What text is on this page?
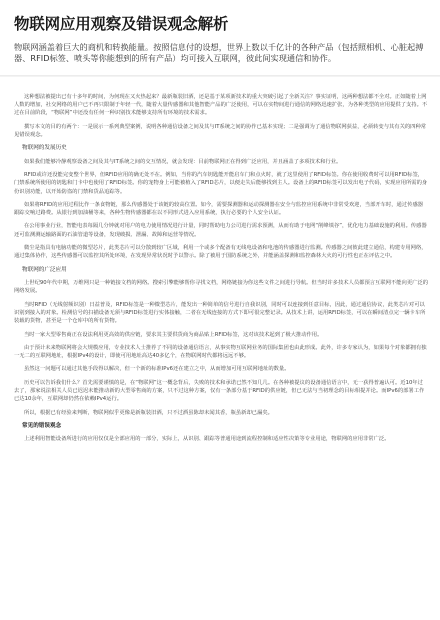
物联网应用观察及错误观念解析

物联网涵盖着巨大的商机和转换能量。按照信息付的设想，世界上数以千亿计的各种产品（包括照相机、心脏起搏器、RFID标签、喷头等你能想到的所有产品）均可接入互联网，彼此间实现通信和协作。

这种想法被提出已有十多年的时间，为何现在又火热起来？最新瓶装旧酒，还是基于某项新技术的重大突破引起了全新关注？事实证明，这两种想法都不全对。正如随着上网人数的增加，社交网络的用户已不再只限制于年轻一代，随着大量传感器和其他智能产品的广泛使用，可以在实物间进行通信的网络迅速扩张，为各种类型的应用提供了支持。不过在目前阶段，“物联网”中还没有任何一种识别技术能够支持所有环境的技术需求。

撰写本文的目的有两个：一是展示一系列典型案例，说明各种通信设备之间及其与IT系统之间的协作已基本实现；二是强调为了通信物联网获益，必须转变与其有关的四种常见错误观念。

物联网的发展历史

如果我们能够冷静观察设备之间及其与IT系统之间的交互情况，就会发现：目前物联网正在得到广泛应用，并且涵盖了多项技术和行业。

RFID或许还没能完变整个世界，但RFID应用的确无处不在。例如，当你的汽车钥匙能开能启车门和点火时，就了这里使用了RFID标签。你在使用收费时可以用RFID标签，门禁系统所使用的钥匙和门卡中也使用了RFID标签。你的宠物身上可能被植入了RFID芯片，以便走失后能够找到主人。设备上的RFID标签可以发出电子代码，实现应用所需的身份识别功能，以开始防盗的门禁和货品追踪等。

如果将RFID的应用过程比作一条食物链，那么传感器处于该链的较高位置。如今，需要探测器和运动探测器在安全与监控应用系统中非常受欢迎，当部开车时，通过传感器跟踪交响过路费。从银行到加油桶等来，各种生物传感器都在以不同形式进入应用系统，执行必要的个人安全认证。

在公用事业行业，智能电表每隔几分钟就对用户的电力使用情况进行计量，同时帮助电力公司进行需求预测，从而有助于电网“削峰填谷”，优化电力基础设施的利用。传感器还可监测测运输路面的石油管道等设备，发现破损、泄漏、故障和运营等情况。

微尘是指具有电脑功能的微型芯片，此类芯片可以分散到较广区域，利用一个或多个配备有无线电设备和电池的传感器进行监测。传感器之间彼此建立通信，构建专用网络，通过集体协作，这些传感器可以监控其所处环境，在发现异常状况时予以警示。除了被用于国防系统之外，并能涵盖探测和监控森林大火的可行性也正在评估之中。

物联网的广泛应用

上世纪90年代中期，万维网只是一种链接文档的网络。搜索引擎能够帮你寻找文档，网络链接为你这些文件之间进行导航。但当时许多技术人员都预言互联网不能向更广泛的网络发展。

当时RFID（无线射频识别）日益普及，RFID标签是一种微型芯片，能发出一种简单的信号进行自我识别，同时可以连接到任意目标，因此，通过通信协议，此类芯片对可以识别到接入的对象。检测信号的扫描设备无须与RFID标签进行实体接触，二者在无线连接的方式下即可很完整记录。从技术上讲，运用RFID标签，可以在瞬间清点完一辆卡车所装载的货物，甚至是一个仓库中的所有货物。

当时一家大型零售商正在设法利用更高效的供应链，要求其主要供货商为商品贴上RFID标签，这对该技术起到了极大推动作用。

由于预计未来物联网将会大规模应用，专业技术人士推荐了不同的设备通信语言，从事实物互联网业务的国际集团也由此形成。此外，许多专家认为，如果每个对象都拥有独一无二的互联网地址，根据IPv4的设计，即使可用地址高达40多亿个，在物联网时代都将远远不够。

虽然这一问题可以通过其他手段得以解决，但一个新的标准IPv6还在建立之中，从而增加可用互联网地址的数量。

历史可以告诉我们什么？首先需要谨慎的是，在“物联网”这一概念背后，失败的技术和承诺已然不知几几。在各种被提议的设备通信语言中，无一获得普遍认可。近10年过去了，那家说法相关人员已迟迟未能推动新的大型零售商的方案，只不过这种方案，仅有一条部分基于RFID的供应链，但已无法与当初理念的目标相提并论。而IPv6的部署工作已达10余年，互联网却仍然在依赖IPv4运行。

所以，根据已有经验来判断，物联网似乎更像是新瓶装旧酒，只不过酒虽陈却未闻其香，瓶虽新却已漏矣。

常见的错误观念

上述利用智能设备所进行的应用仅仅是全部应用的一部分，实际上，从识别、跟踪等普通用途到流程控制和适应性决策等专业用途，物联网的应用非常广泛。
